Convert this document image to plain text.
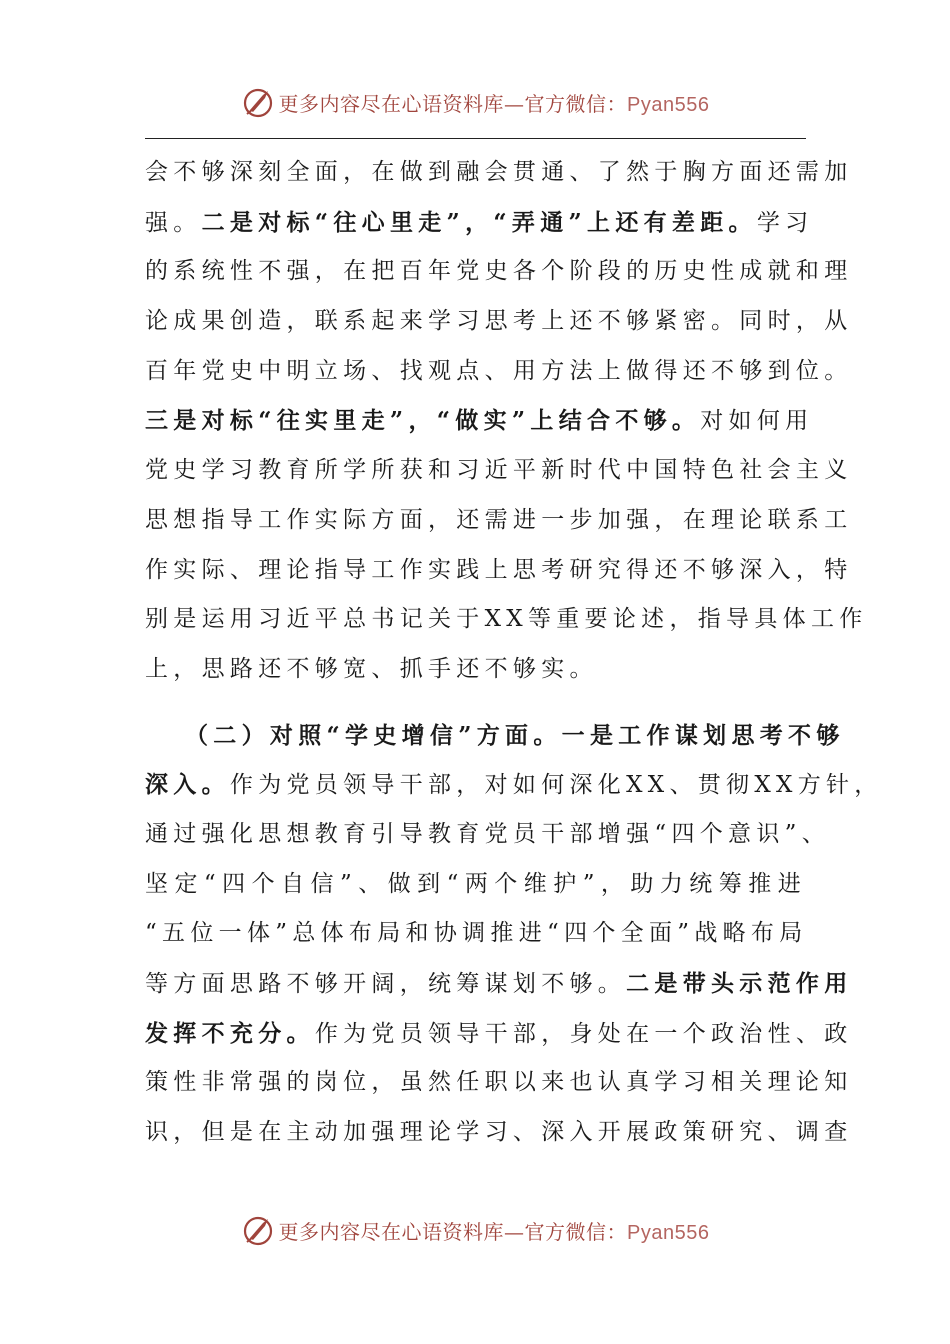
更多内容尽在心语资料库—官方微信：Pyan556
会不够深刻全面，在做到融会贯通、了然于胸方面还需加
强。二是对标“往心里走”，“弄通”上还有差距。学习
的系统性不强，在把百年党史各个阶段的历史性成就和理
论成果创造，联系起来学习思考上还不够紧密。同时，从
百年党史中明立场、找观点、用方法上做得还不够到位。
三是对标“往实里走”，“做实”上结合不够。对如何用
党史学习教育所学所获和习近平新时代中国特色社会主义
思想指导工作实际方面，还需进一步加强，在理论联系工
作实际、理论指导工作实践上思考研究得还不够深入，特
别是运用习近平总书记关于XX等重要论述，指导具体工作
上，思路还不够宽、抓手还不够实。
（二）对照“学史增信”方面。一是工作谋划思考不够
深入。作为党员领导干部，对如何深化XX、贯彻XX方针，
通过强化思想教育引导教育党员干部增强“四个意识”、
坚定“四个自信”、做到“两个维护”，助力统筹推进
“五位一体”总体布局和协调推进“四个全面”战略布局
等方面思路不够开阔，统筹谋划不够。二是带头示范作用
发挥不充分。作为党员领导干部，身处在一个政治性、政
策性非常强的岗位，虽然任职以来也认真学习相关理论知
识，但是在主动加强理论学习、深入开展政策研究、调查
更多内容尽在心语资料库—官方微信：Pyan556
